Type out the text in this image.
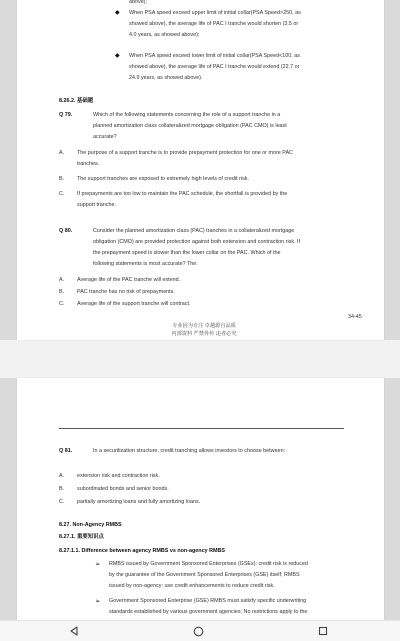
above);
◆ When PSA speed exceed upper limit of initial collar(PSA Speed>250, as
showed above), the average life of PAC I tranche would shorten (3.5 or
4.0 years, as showed above);
◆ When PSA speed exceed lower limit of initial collar(PSA Speed<100, as
showed above), the average life of PAC I tranche would extend (22.7 or
24.9 years, as showed above).
8.26.2. 基础题
Q 79.	Which of the following statements concerning the role of a support tranche in a
planned amortization class collateralized mortgage obligation (PAC CMO) is least
accurate?
A. The purpose of a support tranche is to provide prepayment protection for one or more PAC
tranches.
B. The support tranches are exposed to extremely high levels of credit risk.
C. If prepayments are too low to maintain the PAC schedule, the shortfall is provided by the
support tranche.
Q 80.	Consider the planned amortization class (PAC) tranches in a collateralized mortgage
obligation (CMO) are provided protection against both extension and contraction risk. If
the prepayment speed is slower than the lower collar on the PAC. Which of the
following statements is most accurate? The:
A. Average life of the PAC tranche will extend.
B. PAC tranche has no risk of prepayments.
C. Average life of the support tranche will contract.
34-45
专业因为专注 卓越源自品质
内部资料 严禁外传 违者必究
Q 81.	In a securitization structure, credit tranching allows investors to choose between:
A. extension risk and contraction risk.
B. subordinated bonds and senior bonds.
C. partially amortizing loans and fully amortizing loans.
8.27. Non-Agency RMBS
8.27.1. 重要知识点
8.27.1.1. Difference between agency RMBS vs non-agency RMBS
➢ RMBS issued by Government Sponsored Enterprises (GSEs): credit risk is reduced
by the guarantee of the Government Sponsored Enterprises (GSE) itself; RMBS
issued by non-agency: use credit enhancements to reduce credit risk.
➢ Government Sponsored Enterprise (GSE) RMBS must satisfy specific underwriting
standards established by various government agencies; No restrictions apply to the
